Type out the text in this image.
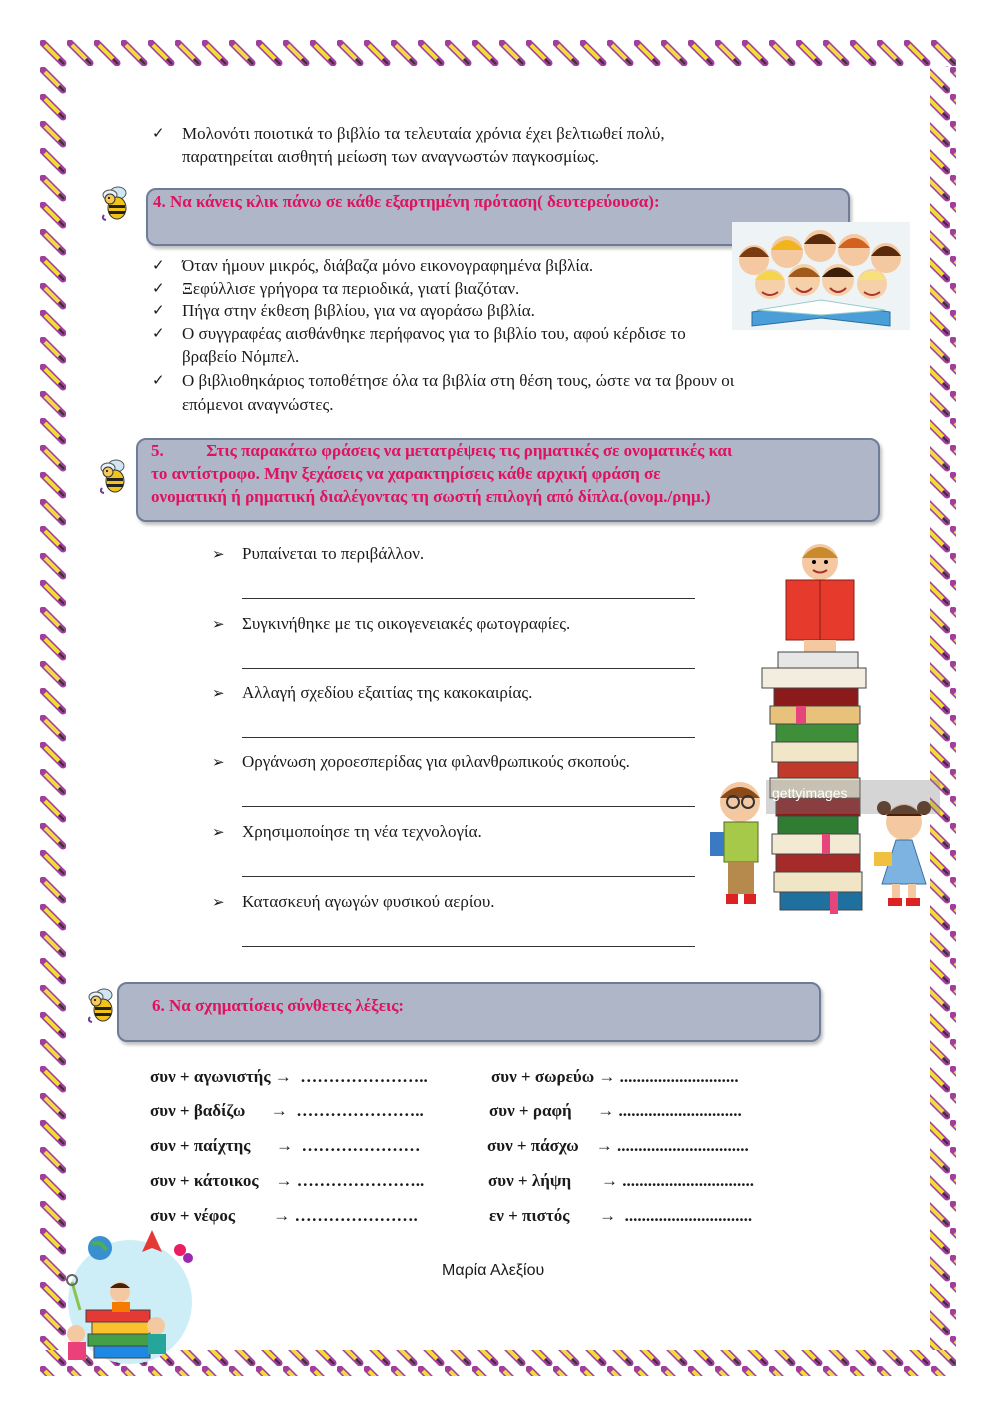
✓ Μολονότι ποιοτικά το βιβλίο τα τελευταία χρόνια έχει βελτιωθεί πολύ,
παρατηρείται αισθητή μείωση των αναγνωστών παγκοσμίως.
4. Να κάνεις κλικ πάνω σε κάθε εξαρτημένη πρόταση( δευτερεύουσα):
✓ Όταν ήμουν μικρός, διάβαζα μόνο εικονογραφημένα βιβλία.
✓ Ξεφύλλισε γρήγορα τα περιοδικά, γιατί βιαζόταν.
✓ Πήγα στην έκθεση βιβλίου, για να αγοράσω βιβλία.
✓ Ο συγγραφέας αισθάνθηκε περήφανος για το βιβλίο του, αφού κέρδισε το
βραβείο Νόμπελ.
✓ Ο βιβλιοθηκάριος τοποθέτησε όλα τα βιβλία στη θέση τους, ώστε να τα βρουν οι
επόμενοι αναγνώστες.
5.          Στις παρακάτω φράσεις να μετατρέψεις τις ρηματικές σε ονοματικές και
το αντίστροφο. Μην ξεχάσεις να χαρακτηρίσεις κάθε αρχική φράση σε
ονοματική ή ρηματική διαλέγοντας τη σωστή επιλογή από δίπλα.(ονομ./ρημ.)
➢ Ρυπαίνεται το περιβάλλον.
➢ Συγκινήθηκε με τις οικογενειακές φωτογραφίες.
➢ Αλλαγή σχεδίου εξαιτίας της κακοκαιρίας.
➢ Οργάνωση χοροεσπερίδας για φιλανθρωπικούς σκοπούς.
➢ Χρησιμοποίησε τη νέα τεχνολογία.
➢ Κατασκευή αγωγών φυσικού αερίου.
gettyimages
153551158
6. Να σχηματίσεις σύνθετες λέξεις:
συν + αγωνιστής →  …………………..	συν + σωρεύω → ............................
συν + βαδίζω      →  …………………..	συν + ραφή      → .............................
συν + παίχτης      →  …………………	συν + πάσχω    → ...............................
συν + κάτοικος    → …………………..	συν + λήψη       → ...............................
συν + νέφος         → ………………….	εν + πιστός       →  ..............................
Μαρία Αλεξίου
